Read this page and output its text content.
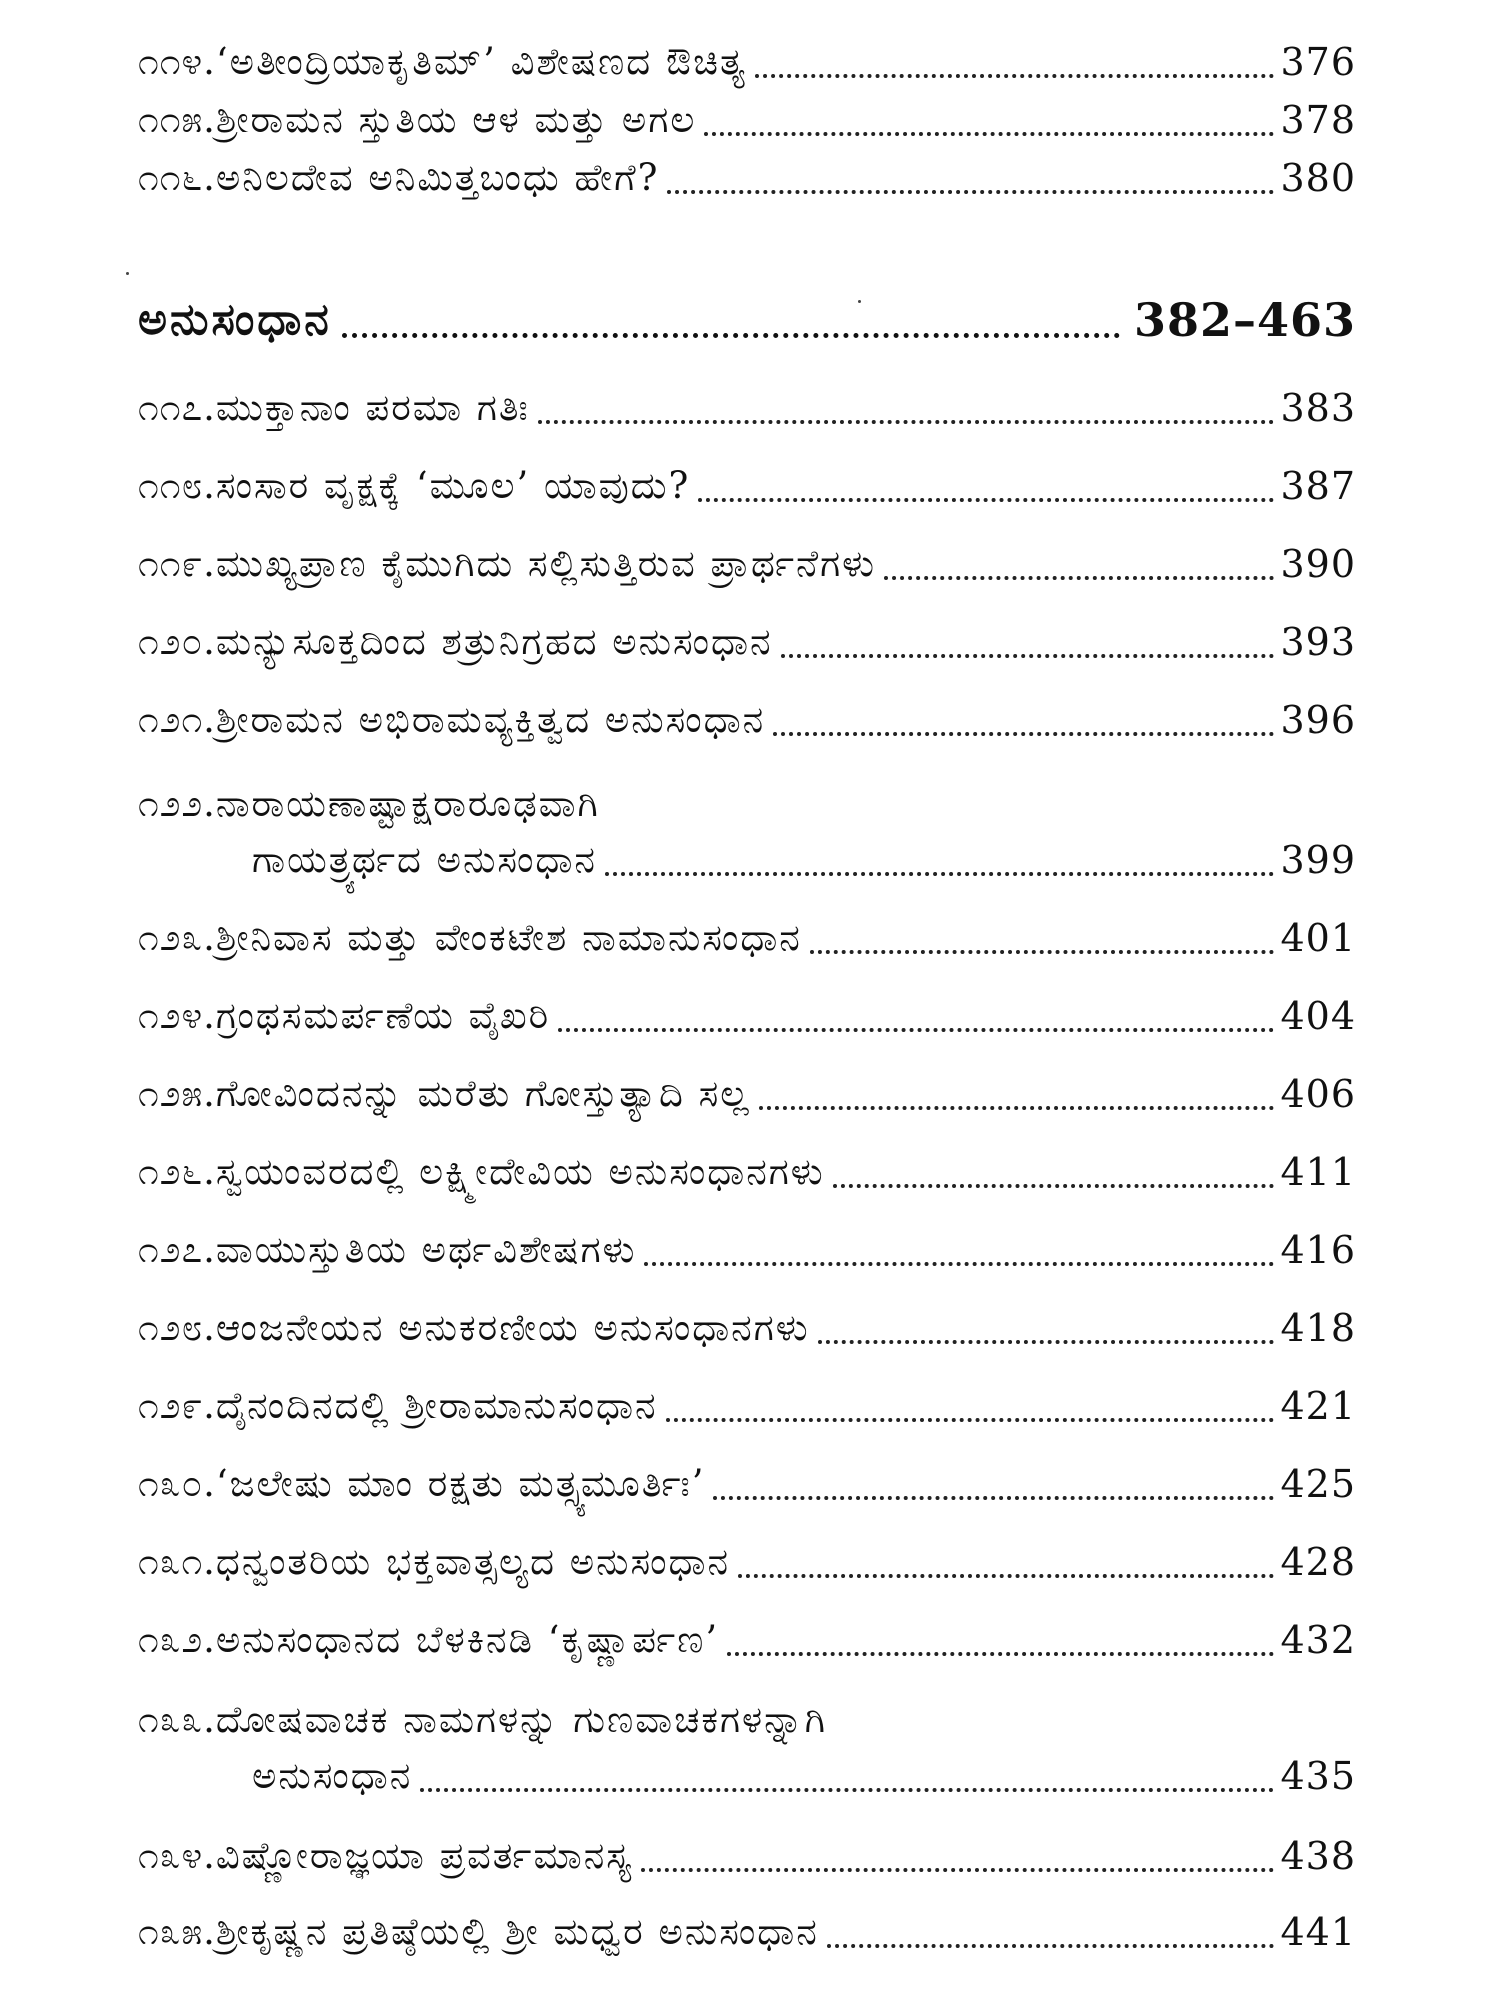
೧೧೪. ‘ಅತೀಂದ್ರಿಯಾಕೃತಿಮ್’ ವಿಶೇಷಣದ ಔಚಿತ್ಯ	376
೧೧೫. ಶ್ರೀರಾಮನ ಸ್ತುತಿಯ ಆಳ ಮತ್ತು ಅಗಲ	378
೧೧೬. ಅನಿಲದೇವ ಅನಿಮಿತ್ತಬಂಧು ಹೇಗೆ?	380
ಅನುಸಂಧಾನ	382–463
೧೧೭. ಮುಕ್ತಾನಾಂ ಪರಮಾ ಗತಿಃ	383
೧೧೮. ಸಂಸಾರ ವೃಕ್ಷಕ್ಕೆ ‘ಮೂಲ’ ಯಾವುದು?	387
೧೧೯. ಮುಖ್ಯಪ್ರಾಣ ಕೈಮುಗಿದು ಸಲ್ಲಿಸುತ್ತಿರುವ ಪ್ರಾರ್ಥನೆಗಳು	390
೧೨೦. ಮನ್ಯುಸೂಕ್ತದಿಂದ ಶತ್ರುನಿಗ್ರಹದ ಅನುಸಂಧಾನ	393
೧೨೧. ಶ್ರೀರಾಮನ ಅಭಿರಾಮವ್ಯಕ್ತಿತ್ವದ ಅನುಸಂಧಾನ	396
೧೨೨. ನಾರಾಯಣಾಷ್ಟಾಕ್ಷರಾರೂಢವಾಗಿ
ಗಾಯತ್ರ್ಯರ್ಥದ ಅನುಸಂಧಾನ	399
೧೨೩. ಶ್ರೀನಿವಾಸ ಮತ್ತು ವೇಂಕಟೇಶ ನಾಮಾನುಸಂಧಾನ	401
೧೨೪. ಗ್ರಂಥಸಮರ್ಪಣೆಯ ವೈಖರಿ	404
೧೨೫. ಗೋವಿಂದನನ್ನು ಮರೆತು ಗೋಸ್ತುತ್ಯಾದಿ ಸಲ್ಲ	406
೧೨೬. ಸ್ವಯಂವರದಲ್ಲಿ ಲಕ್ಷ್ಮೀದೇವಿಯ ಅನುಸಂಧಾನಗಳು	411
೧೨೭. ವಾಯುಸ್ತುತಿಯ ಅರ್ಥವಿಶೇಷಗಳು	416
೧೨೮. ಆಂಜನೇಯನ ಅನುಕರಣೀಯ ಅನುಸಂಧಾನಗಳು	418
೧೨೯. ದೈನಂದಿನದಲ್ಲಿ ಶ್ರೀರಾಮಾನುಸಂಧಾನ	421
೧೩೦. ‘ಜಲೇಷು ಮಾಂ ರಕ್ಷತು ಮತ್ಸ್ಯಮೂರ್ತಿಃ’	425
೧೩೧. ಧನ್ವಂತರಿಯ ಭಕ್ತವಾತ್ಸಲ್ಯದ ಅನುಸಂಧಾನ	428
೧೩೨. ಅನುಸಂಧಾನದ ಬೆಳಕಿನಡಿ ‘ಕೃಷ್ಣಾರ್ಪಣ’	432
೧೩೩. ದೋಷವಾಚಕ ನಾಮಗಳನ್ನು ಗುಣವಾಚಕಗಳನ್ನಾಗಿ
ಅನುಸಂಧಾನ	435
೧೩೪. ವಿಷ್ಣೋರಾಜ್ಞಯಾ ಪ್ರವರ್ತಮಾನಸ್ಯ	438
೧೩೫. ಶ್ರೀಕೃಷ್ಣನ ಪ್ರತಿಷ್ಠೆಯಲ್ಲಿ ಶ್ರೀ ಮಧ್ವರ ಅನುಸಂಧಾನ	441
